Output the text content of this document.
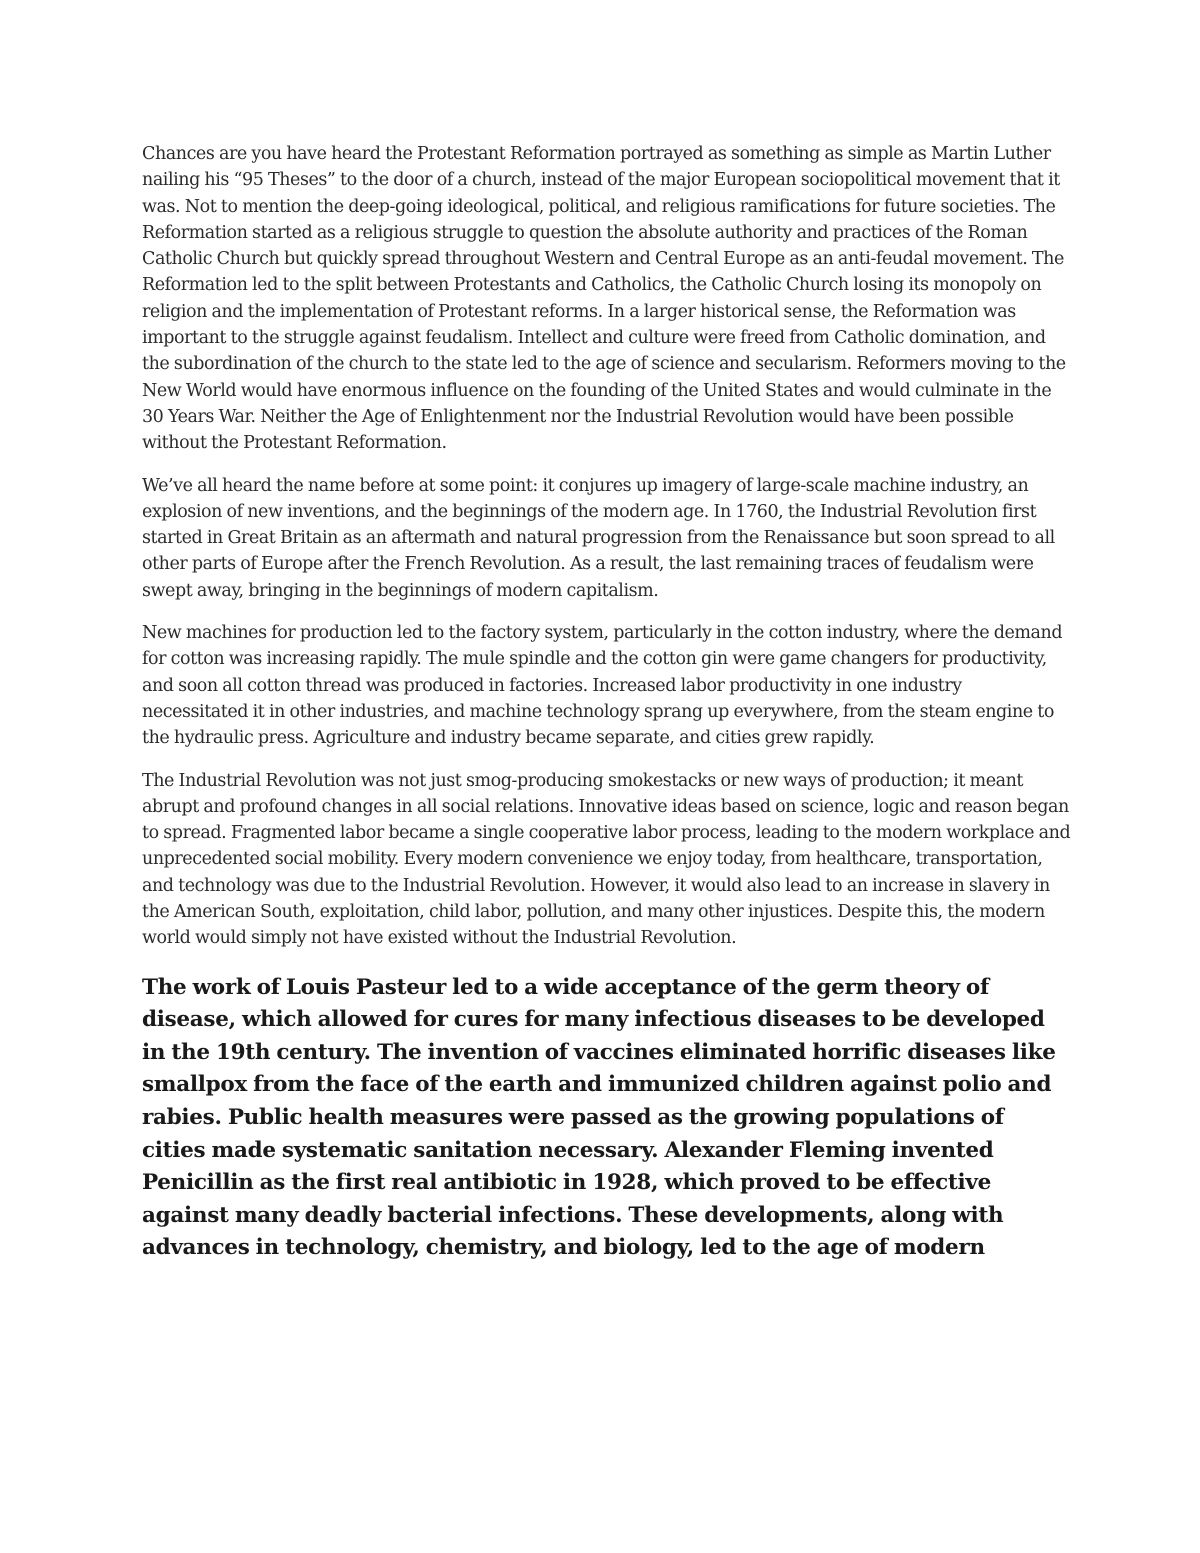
Chances are you have heard the Protestant Reformation portrayed as something as simple as Martin Luther nailing his “95 Theses” to the door of a church, instead of the major European sociopolitical movement that it was. Not to mention the deep-going ideological, political, and religious ramifications for future societies. The Reformation started as a religious struggle to question the absolute authority and practices of the Roman Catholic Church but quickly spread throughout Western and Central Europe as an anti-feudal movement. The Reformation led to the split between Protestants and Catholics, the Catholic Church losing its monopoly on religion and the implementation of Protestant reforms. In a larger historical sense, the Reformation was important to the struggle against feudalism. Intellect and culture were freed from Catholic domination, and the subordination of the church to the state led to the age of science and secularism. Reformers moving to the New World would have enormous influence on the founding of the United States and would culminate in the 30 Years War. Neither the Age of Enlightenment nor the Industrial Revolution would have been possible without the Protestant Reformation.

We’ve all heard the name before at some point: it conjures up imagery of large-scale machine industry, an explosion of new inventions, and the beginnings of the modern age. In 1760, the Industrial Revolution first started in Great Britain as an aftermath and natural progression from the Renaissance but soon spread to all other parts of Europe after the French Revolution. As a result, the last remaining traces of feudalism were swept away, bringing in the beginnings of modern capitalism.

New machines for production led to the factory system, particularly in the cotton industry, where the demand for cotton was increasing rapidly. The mule spindle and the cotton gin were game changers for productivity, and soon all cotton thread was produced in factories. Increased labor productivity in one industry necessitated it in other industries, and machine technology sprang up everywhere, from the steam engine to the hydraulic press. Agriculture and industry became separate, and cities grew rapidly.

The Industrial Revolution was not just smog-producing smokestacks or new ways of production; it meant abrupt and profound changes in all social relations. Innovative ideas based on science, logic and reason began to spread. Fragmented labor became a single cooperative labor process, leading to the modern workplace and unprecedented social mobility. Every modern convenience we enjoy today, from healthcare, transportation, and technology was due to the Industrial Revolution. However, it would also lead to an increase in slavery in the American South, exploitation, child labor, pollution, and many other injustices. Despite this, the modern world would simply not have existed without the Industrial Revolution.

The work of Louis Pasteur led to a wide acceptance of the germ theory of disease, which allowed for cures for many infectious diseases to be developed in the 19th century. The invention of vaccines eliminated horrific diseases like smallpox from the face of the earth and immunized children against polio and rabies. Public health measures were passed as the growing populations of cities made systematic sanitation necessary. Alexander Fleming invented Penicillin as the first real antibiotic in 1928, which proved to be effective against many deadly bacterial infections. These developments, along with advances in technology, chemistry, and biology, led to the age of modern
